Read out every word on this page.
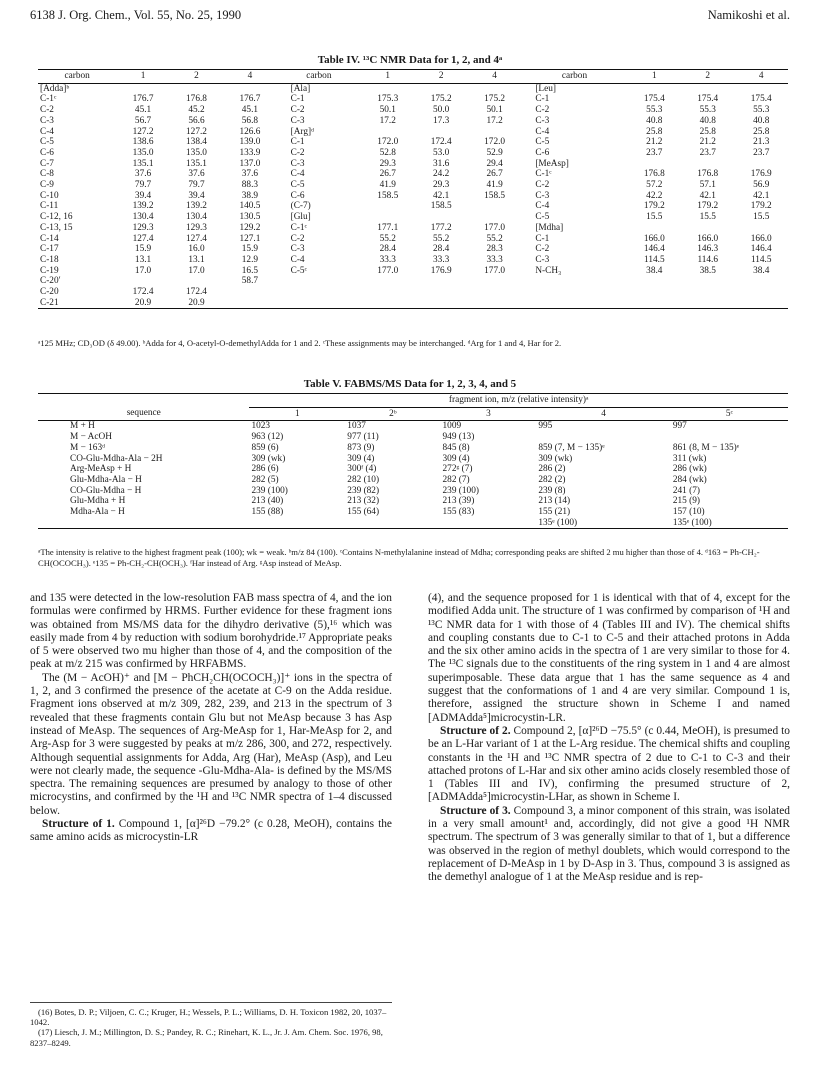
6138 J. Org. Chem., Vol. 55, No. 25, 1990	Namikoshi et al.
Table IV. ¹³C NMR Data for 1, 2, and 4ᵃ
carbon	1	2	4	carbon	1	2	4	carbon	1	2	4
[Adda]ᵇ				[Ala]				[Leu]			
C-1ᶜ	176.7	176.8	176.7	C-1	175.3	175.2	175.2	C-1	175.4	175.4	175.4
C-2	45.1	45.2	45.1	C-2	50.1	50.0	50.1	C-2	55.3	55.3	55.3
C-3	56.7	56.6	56.8	C-3	17.2	17.3	17.2	C-3	40.8	40.8	40.8
C-4	127.2	127.2	126.6	[Arg]ᵈ				C-4	25.8	25.8	25.8
C-5	138.6	138.4	139.0	C-1	172.0	172.4	172.0	C-5	21.2	21.2	21.3
C-6	135.0	135.0	133.9	C-2	52.8	53.0	52.9	C-6	23.7	23.7	23.7
C-7	135.1	135.1	137.0	C-3	29.3	31.6	29.4	[MeAsp]			
C-8	37.6	37.6	37.6	C-4	26.7	24.2	26.7	C-1ᶜ	176.8	176.8	176.9
C-9	79.7	79.7	88.3	C-5	41.9	29.3	41.9	C-2	57.2	57.1	56.9
C-10	39.4	39.4	38.9	C-6	158.5	42.1	158.5	C-3	42.2	42.1	42.1
C-11	139.2	139.2	140.5	(C-7)		158.5		C-4	179.2	179.2	179.2
C-12, 16	130.4	130.4	130.5	[Glu]				C-5	15.5	15.5	15.5
C-13, 15	129.3	129.3	129.2	C-1ᶜ	177.1	177.2	177.0	[Mdha]			
C-14	127.4	127.4	127.1	C-2	55.2	55.2	55.2	C-1	166.0	166.0	166.0
C-17	15.9	16.0	15.9	C-3	28.4	28.4	28.3	C-2	146.4	146.3	146.4
C-18	13.1	13.1	12.9	C-4	33.3	33.3	33.3	C-3	114.5	114.6	114.5
C-19	17.0	17.0	16.5	C-5ᶜ	177.0	176.9	177.0	N-CH₃	38.4	38.5	38.4
C-20′			58.7								
C-20	172.4	172.4									
C-21	20.9	20.9									
ᵃ125 MHz; CD₃OD (δ 49.00). ᵇAdda for 4, O-acetyl-O-demethylAdda for 1 and 2. ᶜThese assignments may be interchanged. ᵈArg for 1 and 4, Har for 2.
Table V. FABMS/MS Data for 1, 2, 3, 4, and 5
	fragment ion, m/z (relative intensity)ᵃ				
sequence	1	2ᵇ	3	4	5ᶜ
M + H	1023	1037	1009	995	997
M − AcOH	963 (12)	977 (11)	949 (13)		
M − 163ᵈ	859 (6)	873 (9)	845 (8)	859 (7, M − 135)ᵉ	861 (8, M − 135)ᵉ
CO-Glu-Mdha-Ala − 2H	309 (wk)	309 (4)	309 (4)	309 (wk)	311 (wk)
Arg-MeAsp + H	286 (6)	300ᶠ (4)	272ᵍ (7)	286 (2)	286 (wk)
Glu-Mdha-Ala − H	282 (5)	282 (10)	282 (7)	282 (2)	284 (wk)
CO-Glu-Mdha − H	239 (100)	239 (82)	239 (100)	239 (8)	241 (7)
Glu-Mdha + H	213 (40)	213 (32)	213 (39)	213 (14)	215 (9)
Mdha-Ala − H	155 (88)	155 (64)	155 (83)	155 (21)	157 (10)
				135ᵉ (100)	135ᵉ (100)
ᵃThe intensity is relative to the highest fragment peak (100); wk = weak. ᵇm/z 84 (100). ᶜContains N-methylalanine instead of Mdha; corresponding peaks are shifted 2 mu higher than those of 4. ᵈ163 = Ph-CH₂-CH(OCOCH₃). ᵉ135 = Ph-CH₂-CH(OCH₃). ᶠHar instead of Arg. ᵍAsp instead of MeAsp.

and 135 were detected in the low-resolution FAB mass spectra of 4, and the ion formulas were confirmed by HRMS. Further evidence for these fragment ions was obtained from MS/MS data for the dihydro derivative (5),¹⁶ which was easily made from 4 by reduction with sodium borohydride.¹⁷ Appropriate peaks of 5 were observed two mu higher than those of 4, and the composition of the peak at m/z 215 was confirmed by HRFABMS.

The (M − AcOH)⁺ and [M − PhCH₂CH(OCOCH₃)]⁺ ions in the spectra of 1, 2, and 3 confirmed the presence of the acetate at C-9 on the Adda residue. Fragment ions observed at m/z 309, 282, 239, and 213 in the spectrum of 3 revealed that these fragments contain Glu but not MeAsp because 3 has Asp instead of MeAsp. The sequences of Arg-MeAsp for 1, Har-MeAsp for 2, and Arg-Asp for 3 were suggested by peaks at m/z 286, 300, and 272, respectively. Although sequential assignments for Adda, Arg (Har), MeAsp (Asp), and Leu were not clearly made, the sequence -Glu-Mdha-Ala- is defined by the MS/MS spectra. The remaining sequences are presumed by analogy to those of other microcystins, and confirmed by the ¹H and ¹³C NMR spectra of 1–4 discussed below.

Structure of 1. Compound 1, [α]²⁶D −79.2° (c 0.28, MeOH), contains the same amino acids as microcystin-LR

(16) Botes, D. P.; Viljoen, C. C.; Kruger, H.; Wessels, P. L.; Williams, D. H. Toxicon 1982, 20, 1037–1042.
(17) Liesch, J. M.; Millington, D. S.; Pandey, R. C.; Rinehart, K. L., Jr. J. Am. Chem. Soc. 1976, 98, 8237–8249.

(4), and the sequence proposed for 1 is identical with that of 4, except for the modified Adda unit. The structure of 1 was confirmed by comparison of ¹H and ¹³C NMR data for 1 with those of 4 (Tables III and IV). The chemical shifts and coupling constants due to C-1 to C-5 and their attached protons in Adda and the six other amino acids in the spectra of 1 are very similar to those for 4. The ¹³C signals due to the constituents of the ring system in 1 and 4 are almost superimposable. These data argue that 1 has the same sequence as 4 and suggest that the conformations of 1 and 4 are very similar. Compound 1 is, therefore, assigned the structure shown in Scheme I and named [ADMAdda⁵]microcystin-LR.

Structure of 2. Compound 2, [α]²⁶D −75.5° (c 0.44, MeOH), is presumed to be an L-Har variant of 1 at the L-Arg residue. The chemical shifts and coupling constants in the ¹H and ¹³C NMR spectra of 2 due to C-1 to C-3 and their attached protons of L-Har and six other amino acids closely resembled those of 1 (Tables III and IV), confirming the presumed structure of 2, [ADMAdda⁵]microcystin-LHar, as shown in Scheme I.

Structure of 3. Compound 3, a minor component of this strain, was isolated in a very small amount¹ and, accordingly, did not give a good ¹H NMR spectrum. The spectrum of 3 was generally similar to that of 1, but a difference was observed in the region of methyl doublets, which would correspond to the replacement of D-MeAsp in 1 by D-Asp in 3. Thus, compound 3 is assigned as the demethyl analogue of 1 at the MeAsp residue and is rep-
